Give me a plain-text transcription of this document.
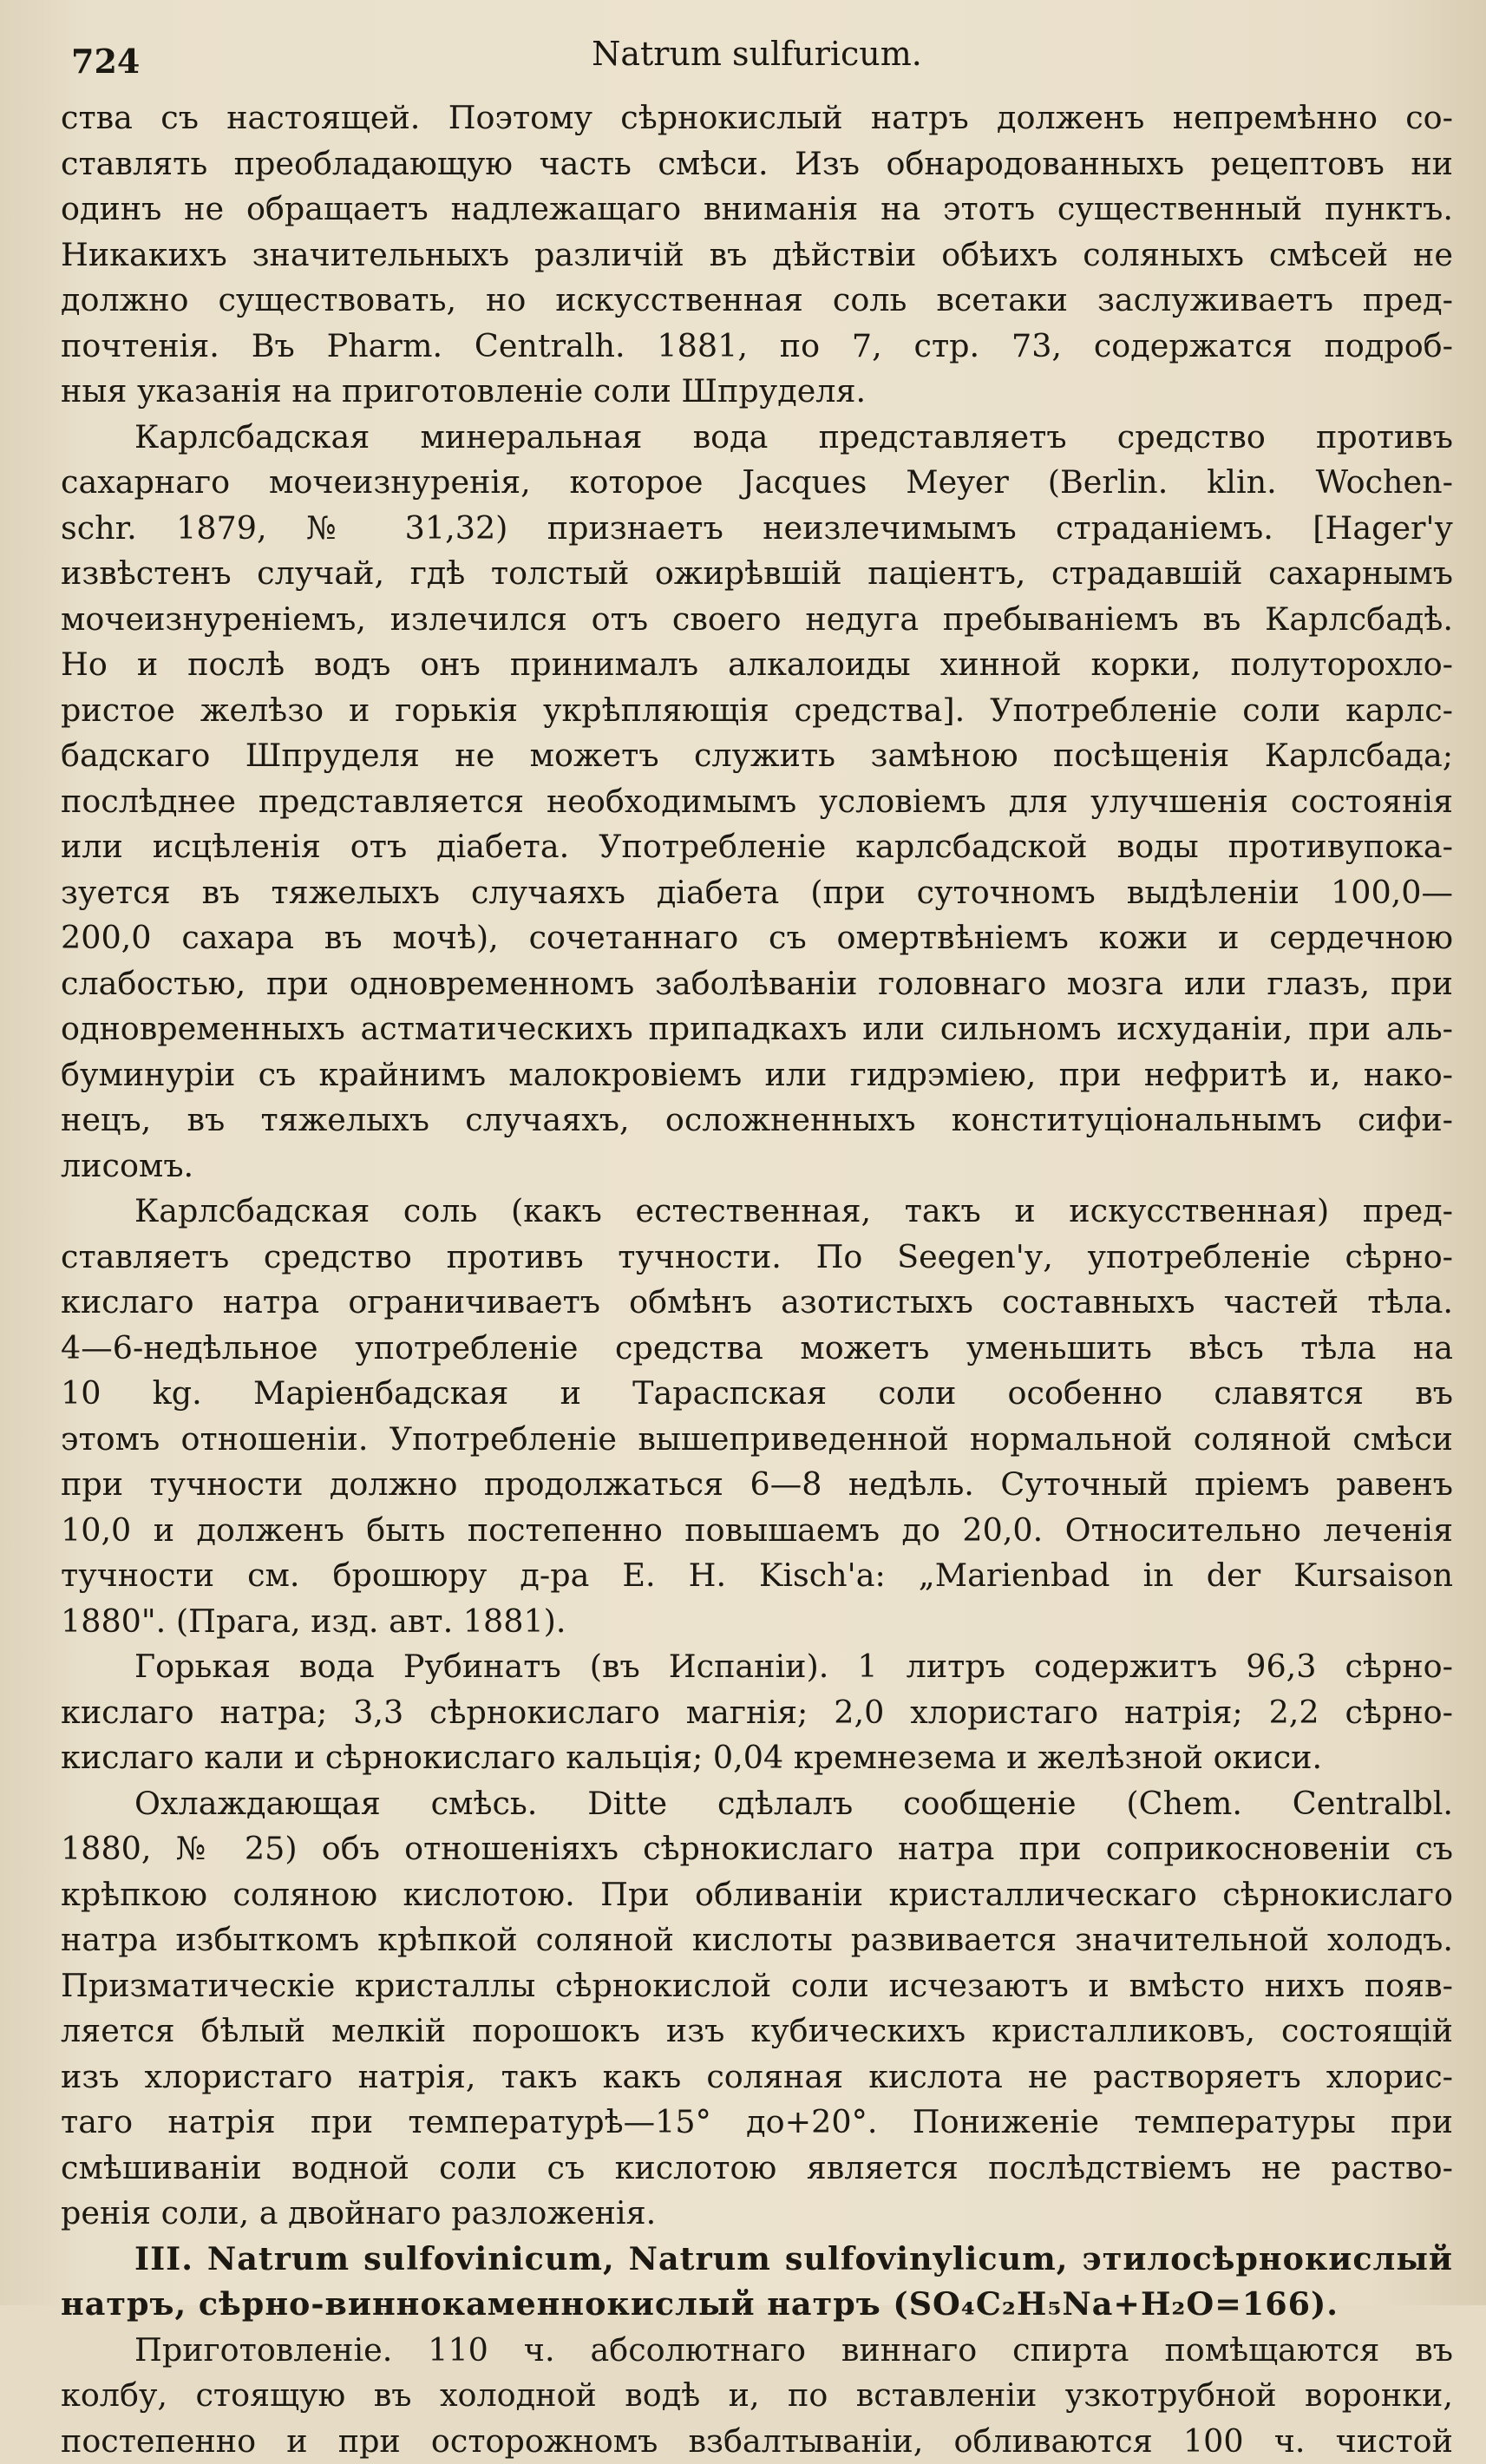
724	Natrum sulfuricum.
ства съ настоящей. Поэтому сѣрнокислый натръ долженъ непремѣнно со-
ставлять преобладающую часть смѣси. Изъ обнародованныхъ рецептовъ ни
одинъ не обращаетъ надлежащаго вниманія на этотъ существенный пунктъ.
Никакихъ значительныхъ различій въ дѣйствіи обѣихъ соляныхъ смѣсей не
должно существовать, но искусственная соль всетаки заслуживаетъ пред-
почтенія. Въ Pharm. Centralh. 1881, по 7, стр. 73, содержатся подроб-
ныя указанія на приготовленіе соли Шпруделя.
Карлсбадская минеральная вода представляетъ средство противъ
сахарнаго мочеизнуренія, которое Jacques Meyer (Berlin. klin. Wochen-
schr. 1879, № 31,32) признаетъ неизлечимымъ страданіемъ. [Hager'у
извѣстенъ случай, гдѣ толстый ожирѣвшій паціентъ, страдавшій сахарнымъ
мочеизнуреніемъ, излечился отъ своего недуга пребываніемъ въ Карлсбадѣ.
Но и послѣ водъ онъ принималъ алкалоиды хинной корки, полуторохло-
ристое желѣзо и горькія укрѣпляющія средства]. Употребленіе соли карлс-
бадскаго Шпруделя не можетъ служить замѣною посѣщенія Карлсбада;
послѣднее представляется необходимымъ условіемъ для улучшенія состоянія
или исцѣленія отъ діабета. Употребленіе карлсбадской воды противупока-
зуется въ тяжелыхъ случаяхъ діабета (при суточномъ выдѣленіи 100,0—
200,0 сахара въ мочѣ), сочетаннаго съ омертвѣніемъ кожи и сердечною
слабостью, при одновременномъ заболѣваніи головнаго мозга или глазъ, при
одновременныхъ астматическихъ припадкахъ или сильномъ исхуданіи, при аль-
буминуріи съ крайнимъ малокровіемъ или гидрэміею, при нефритѣ и, нако-
нецъ, въ тяжелыхъ случаяхъ, осложненныхъ конституціональнымъ сифи-
лисомъ.
Карлсбадская соль (какъ естественная, такъ и искусственная) пред-
ставляетъ средство противъ тучности. По Seegen'у, употребленіе сѣрно-
кислаго натра ограничиваетъ обмѣнъ азотистыхъ составныхъ частей тѣла.
4—6-недѣльное употребленіе средства можетъ уменьшить вѣсъ тѣла на
10 kg. Маріенбадская и Тараспская соли особенно славятся въ
этомъ отношеніи. Употребленіе вышеприведенной нормальной соляной смѣси
при тучности должно продолжаться 6—8 недѣль. Суточный пріемъ равенъ
10,0 и долженъ быть постепенно повышаемъ до 20,0. Относительно леченія
тучности см. брошюру д-ра E. H. Kisch'a: „Marienbad in der Kursaison
1880". (Прага, изд. авт. 1881).
Горькая вода Рубинатъ (въ Испаніи). 1 литръ содержитъ 96,3 сѣрно-
кислаго натра; 3,3 сѣрнокислаго магнія; 2,0 хлористаго натрія; 2,2 сѣрно-
кислаго кали и сѣрнокислаго кальція; 0,04 кремнезема и желѣзной окиси.
Охлаждающая смѣсь. Ditte сдѣлалъ сообщеніе (Chem. Centralbl.
1880, № 25) объ отношеніяхъ сѣрнокислаго натра при соприкосновеніи съ
крѣпкою соляною кислотою. При обливаніи кристаллическаго сѣрнокислаго
натра избыткомъ крѣпкой соляной кислоты развивается значительной холодъ.
Призматическіе кристаллы сѣрнокислой соли исчезаютъ и вмѣсто нихъ появ-
ляется бѣлый мелкій порошокъ изъ кубическихъ кристалликовъ, состоящій
изъ хлористаго натрія, такъ какъ соляная кислота не растворяетъ хлорис-
таго натрія при температурѣ—15° до+20°. Пониженіе температуры при
смѣшиваніи водной соли съ кислотою является послѣдствіемъ не раство-
ренія соли, а двойнаго разложенія.
III. Natrum sulfovinicum, Natrum sulfovinylicum, этилосѣрнокислый
натръ, сѣрно-виннокаменнокислый натръ (SO₄C₂H₅Na+H₂O=166).
Приготовленіе. 110 ч. абсолютнаго виннаго спирта помѣщаются въ
колбу, стоящую въ холодной водѣ и, по вставленіи узкотрубной воронки,
постепенно и при осторожномъ взбалтываніи, обливаются 100 ч. чистой
